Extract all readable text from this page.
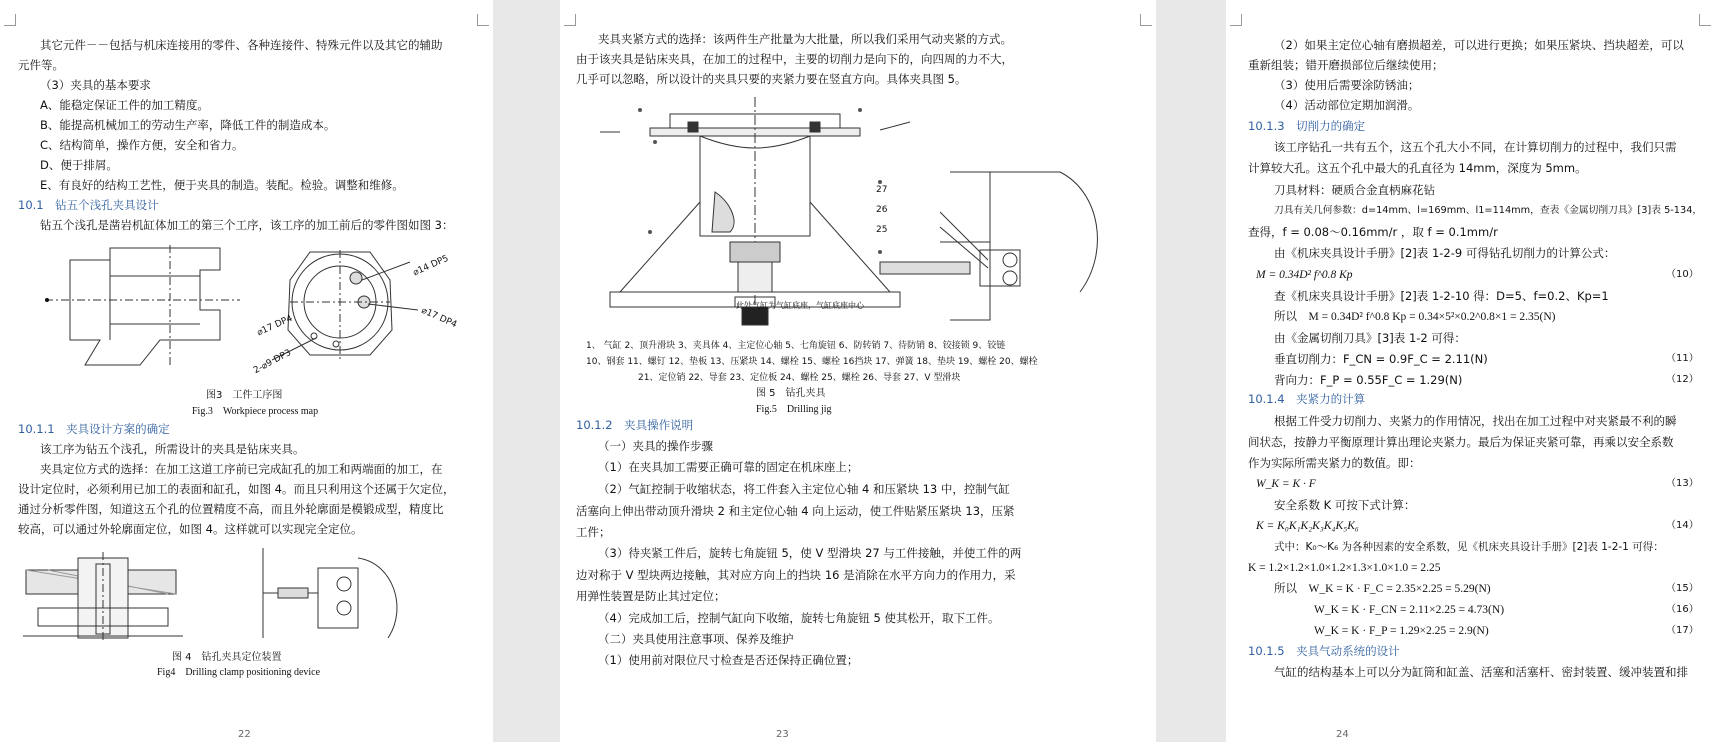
其它元件－－包括与机床连接用的零件、各种连接件、特殊元件以及其它的辅助
元件等。
（3）夹具的基本要求
A、能稳定保证工件的加工精度。
B、能提高机械加工的劳动生产率，降低工件的制造成本。
C、结构简单，操作方便，安全和省力。
D、便于排屑。
E、有良好的结构工艺性，便于夹具的制造。装配。检验。调整和维修。
10.1　钻五个浅孔夹具设计
钻五个浅孔是凿岩机缸体加工的第三个工序，该工序的加工前后的零件图如图 3：
⌀14 DP5
⌀17 DP4	⌀17 DP4
2-⌀9 DP3
图3　工件工序图
Fig.3　Workpiece process map
10.1.1　夹具设计方案的确定
该工序为钻五个浅孔，所需设计的夹具是钻床夹具。
夹具定位方式的选择：在加工这道工序前已完成缸孔的加工和两端面的加工，在
设计定位时，必须利用已加工的表面和缸孔，如图 4。而且只利用这个还属于欠定位，
通过分析零件图，知道这五个孔的位置精度不高，而且外轮廓面是模锻成型，精度比
较高，可以通过外轮廓面定位，如图 4。这样就可以实现完全定位。
图 4　钻孔夹具定位装置
Fig4　Drilling clamp positioning device
22
夹具夹紧方式的选择：该两件生产批量为大批量，所以我们采用气动夹紧的方式。
由于该夹具是钻床夹具，在加工的过程中，主要的切削力是向下的，向四周的力不大，
几乎可以忽略，所以设计的夹具只要的夹紧力要在竖直方向。具体夹具图 5。
此处气缸为气缸底座，气缸底座中心
27
26
25
1、 气缸 2、顶升滑块 3、夹具体 4、主定位心轴 5、七角旋钮 6、防转销 7、待防销 8、铰接锁 9、铰链
10、钢套 11、螺钉 12、垫板 13、压紧块 14、螺栓 15、螺栓 16挡块 17、弹簧 18、垫块 19、螺栓 20、螺栓
21、定位销 22、导套 23、定位板 24、螺栓 25、螺栓 26、导套 27、V 型滑块
图 5　钻孔夹具
Fig.5　Drilling jig
10.1.2　夹具操作说明
（一）夹具的操作步骤
（1）在夹具加工需要正确可靠的固定在机床座上；
（2）气缸控制于收缩状态，将工件套入主定位心轴 4 和压紧块 13 中，控制气缸
活塞向上伸出带动顶升滑块 2 和主定位心轴 4 向上运动，使工件贴紧压紧块 13，压紧
工件；
（3）待夹紧工件后，旋转七角旋钮 5，使 V 型滑块 27 与工件接触，并使工件的两
边对称于 V 型块两边接触，其对应方向上的挡块 16 是消除在水平方向力的作用力，采
用弹性装置是防止其过定位；
（4）完成加工后，控制气缸向下收缩，旋转七角旋钮 5 使其松开，取下工件。
（二）夹具使用注意事项、保养及维护
（1）使用前对限位尺寸检查是否还保持正确位置；
23
（2）如果主定位心轴有磨损超差，可以进行更换；如果压紧块、挡块超差，可以
重新组装；错开磨损部位后继续使用；
（3）使用后需要涂防锈油；
（4）活动部位定期加润滑。
10.1.3　切削力的确定
该工序钻孔一共有五个，这五个孔大小不同，在计算切削力的过程中，我们只需
计算较大孔。这五个孔中最大的孔直径为 14mm，深度为 5mm。
刀具材料：硬质合金直柄麻花钻
刀具有关几何参数：d=14mm、l=169mm、l1=114mm，查表《金属切削刀具》[3]表 5-134，
查得，f = 0.08～0.16mm/r ，取 f = 0.1mm/r
由《机床夹具设计手册》[2]表 1-2-9 可得钻孔切削力的计算公式：
M = 0.34D² f^0.8 Kp
查《机床夹具设计手册》[2]表 1-2-10 得：D=5、f=0.2、Kp=1
所以　M = 0.34D² f^0.8 Kp = 0.34×5²×0.2^0.8×1 = 2.35(N)
由《金属切削刀具》[3]表 1-2 可得：
垂直切削力：F_CN = 0.9F_C = 2.11(N)
背向力：F_P = 0.55F_C = 1.29(N)
（10）
（11）
（12）
10.1.4　夹紧力的计算
根据工件受力切削力、夹紧力的作用情况，找出在加工过程中对夹紧最不利的瞬
间状态，按静力平衡原理计算出理论夹紧力。最后为保证夹紧可靠，再乘以安全系数
作为实际所需夹紧力的数值。即：
W_K = K · F
安全系数 K 可按下式计算：
K = K₀K₁K₂K₃K₄K₅K₆
式中：K₀～K₆ 为各种因素的安全系数，见《机床夹具设计手册》[2]表 1-2-1 可得：
K = 1.2×1.2×1.0×1.2×1.3×1.0×1.0 = 2.25
所以　W_K = K · F_C = 2.35×2.25 = 5.29(N)
W_K = K · F_CN = 2.11×2.25 = 4.73(N)
W_K = K · F_P = 1.29×2.25 = 2.9(N)
（13）
（14）
（15）
（16）
（17）
10.1.5　夹具气动系统的设计
气缸的结构基本上可以分为缸筒和缸盖、活塞和活塞杆、密封装置、缓冲装置和排
24
